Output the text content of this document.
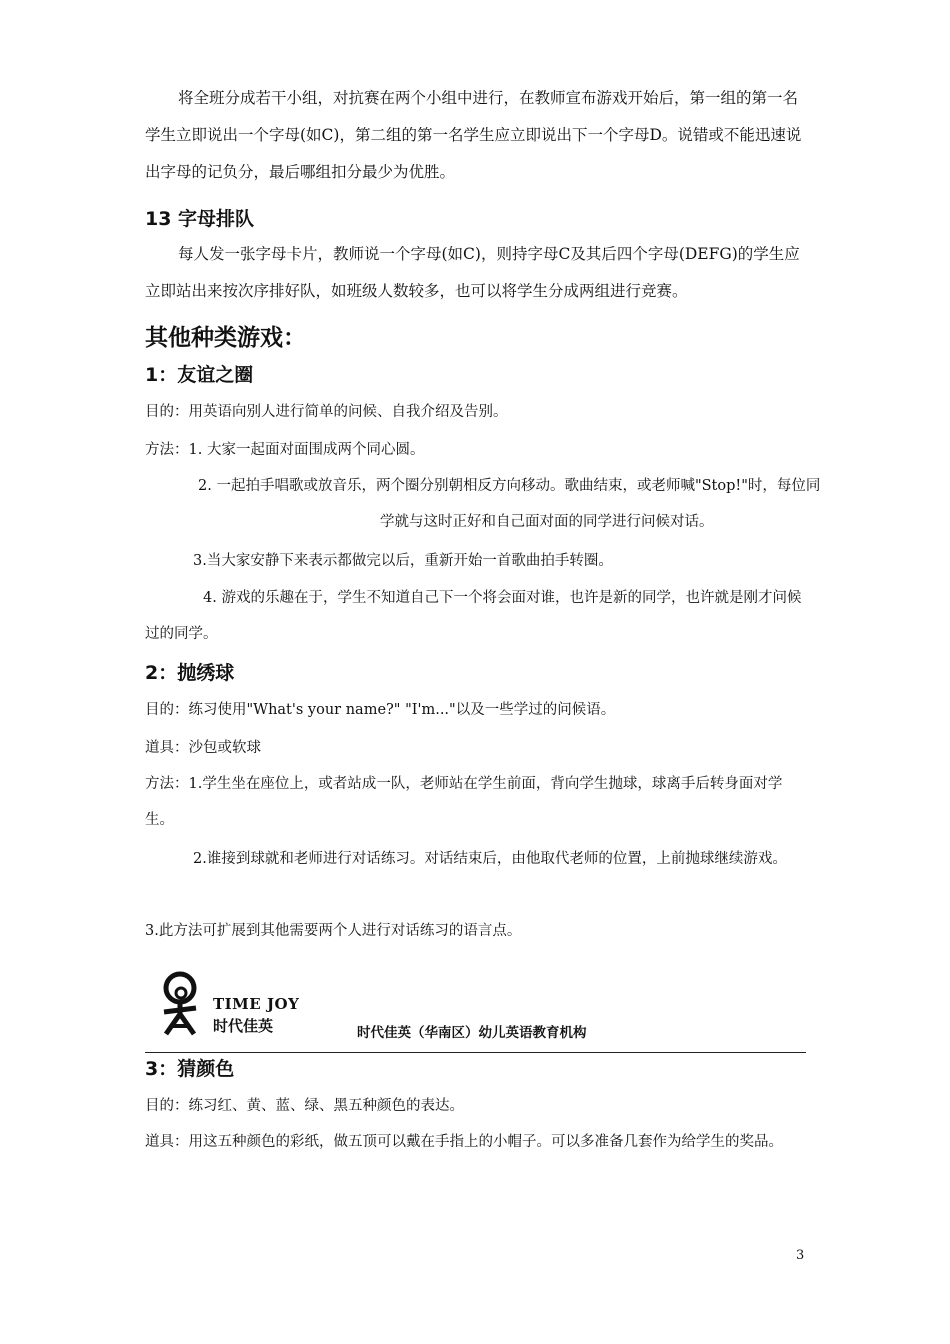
将全班分成若干小组，对抗赛在两个小组中进行，在教师宣布游戏开始后，第一组的第一名学生立即说出一个字母(如C)，第二组的第一名学生应立即说出下一个字母D。说错或不能迅速说出字母的记负分，最后哪组扣分最少为优胜。

13 字母排队

每人发一张字母卡片，教师说一个字母(如C)，则持字母C及其后四个字母(DEFG)的学生应立即站出来按次序排好队，如班级人数较多，也可以将学生分成两组进行竞赛。

其他种类游戏：
1：友谊之圈

目的：用英语向别人进行简单的问候、自我介绍及告别。

方法：1. 大家一起面对面围成两个同心圆。

2. 一起拍手唱歌或放音乐，两个圈分别朝相反方向移动。歌曲结束，或老师喊"Stop!"时，每位同

学就与这时正好和自己面对面的同学进行问候对话。

3.当大家安静下来表示都做完以后，重新开始一首歌曲拍手转圈。

4. 游戏的乐趣在于，学生不知道自己下一个将会面对谁，也许是新的同学，也许就是刚才问候过的同学。

2：抛绣球

目的：练习使用"What's your name?" "I'm..."以及一些学过的问候语。

道具：沙包或软球

方法：1.学生坐在座位上，或者站成一队，老师站在学生前面，背向学生抛球，球离手后转身面对学生。

2.谁接到球就和老师进行对话练习。对话结束后，由他取代老师的位置，上前抛球继续游戏。

3.此方法可扩展到其他需要两个人进行对话练习的语言点。

TIME JOY

时代佳英	时代佳英（华南区）幼儿英语教育机构

3：猜颜色

目的：练习红、黄、蓝、绿、黑五种颜色的表达。

道具：用这五种颜色的彩纸，做五顶可以戴在手指上的小帽子。可以多准备几套作为给学生的奖品。

3
